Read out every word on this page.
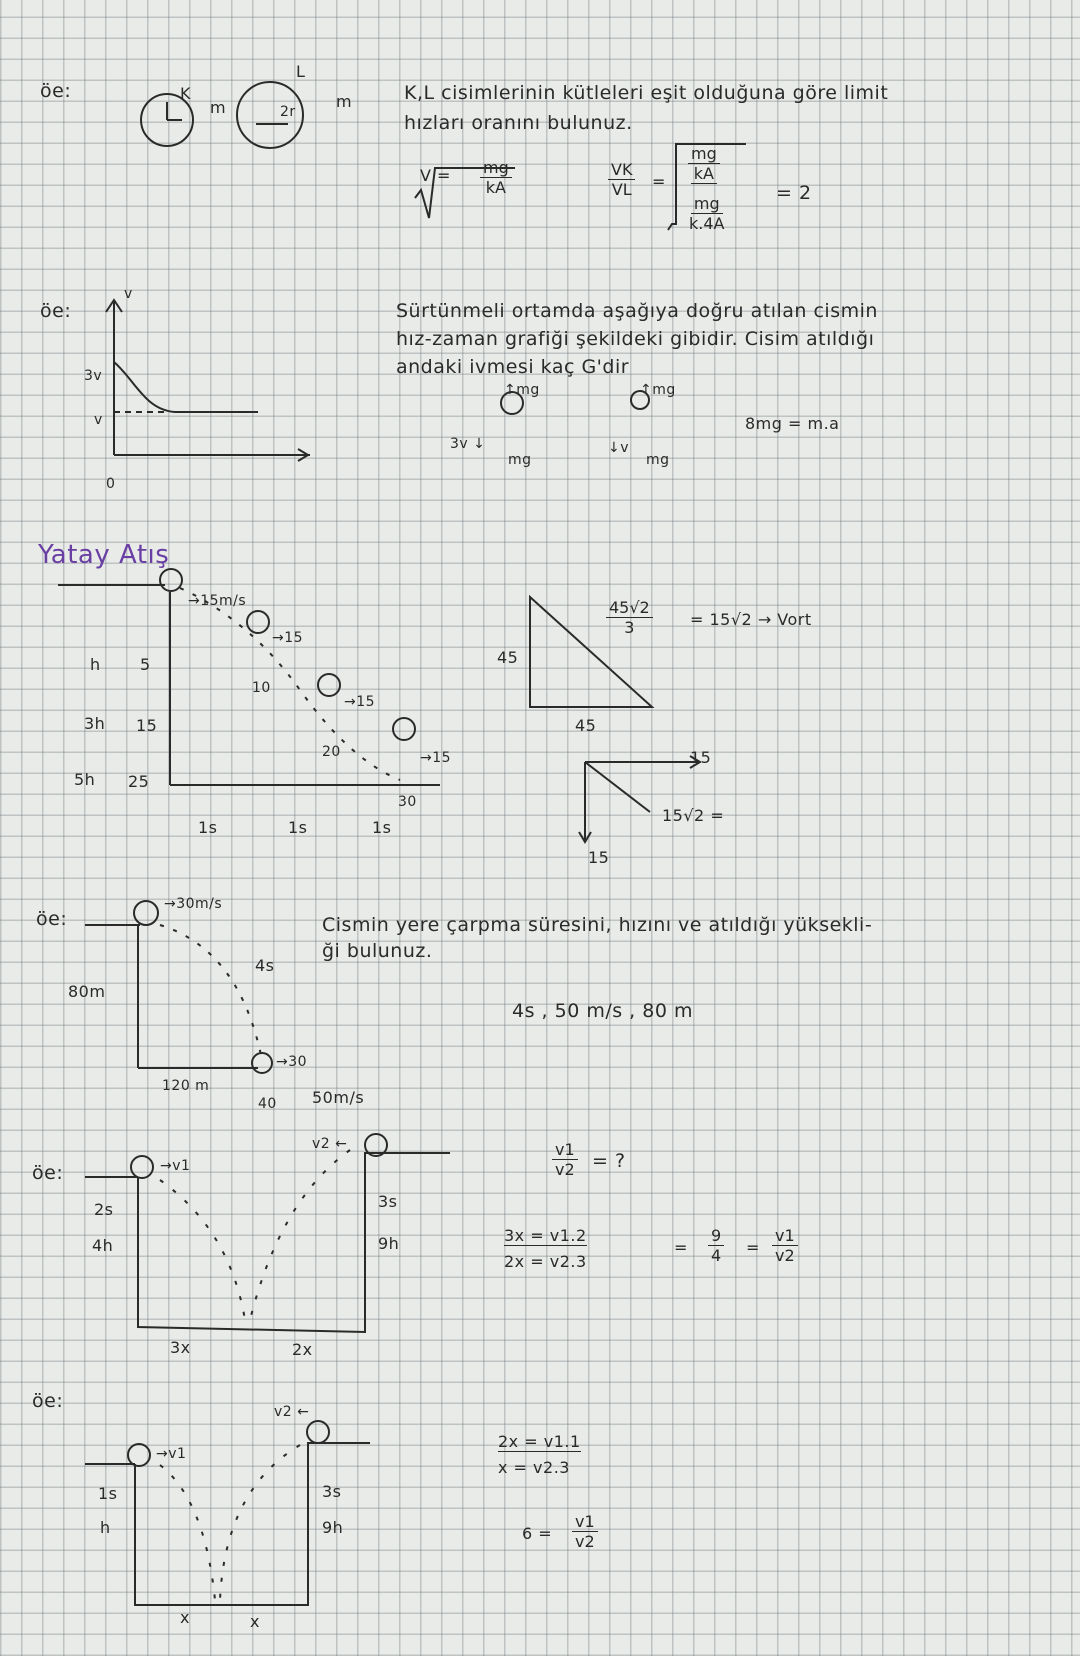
öe:	K
m
L
2r
m	K,L cisimlerinin kütleleri eşit olduğuna göre limit
hızları oranını bulunuz.
$V = \frac{mg}{kA}$	$\frac{VK}{VL} = \frac{mg}{kA}$
$\frac{mg}{k.4A}$
= 2
öe:
v
3v
v
0
Sürtünmeli ortamda aşağıya doğru atılan cismin
hız-zaman grafiği şekildeki gibidir. Cisim atıldığı
andaki ivmesi kaç G'dir
↑mg
3v ↓
mg
↑mg
↓v
mg
8mg = m.a
Yatay Atış
→15m/s
h 5
3h 15
5h 25
→15
10
→15
20	→15
30
1s	1s	1s
45
45
$\frac{45√2}{3} = 15√2$ → Vort
15
15
15√2 =
öe:
→30m/s
80m
4s
120 m
→30
40 50m/s
Cismin yere çarpma süresini, hızını ve atıldığı yüksekli-
ği bulunuz.
4s , 50 m/s , 80 m
öe:	→v1
v2 ←
2s
4h
3s
9h
3x	2x
$\frac{v1}{v2}$ = ?
3x = v1.2
2x = v2.3
= $\frac{9}{4} = \frac{v1}{v2}$
öe:
→v1
v2 ←
1s
h
3s
9h
x	x
2x = v1.1
x = v2.3
$6 = \frac{v1}{v2}$
